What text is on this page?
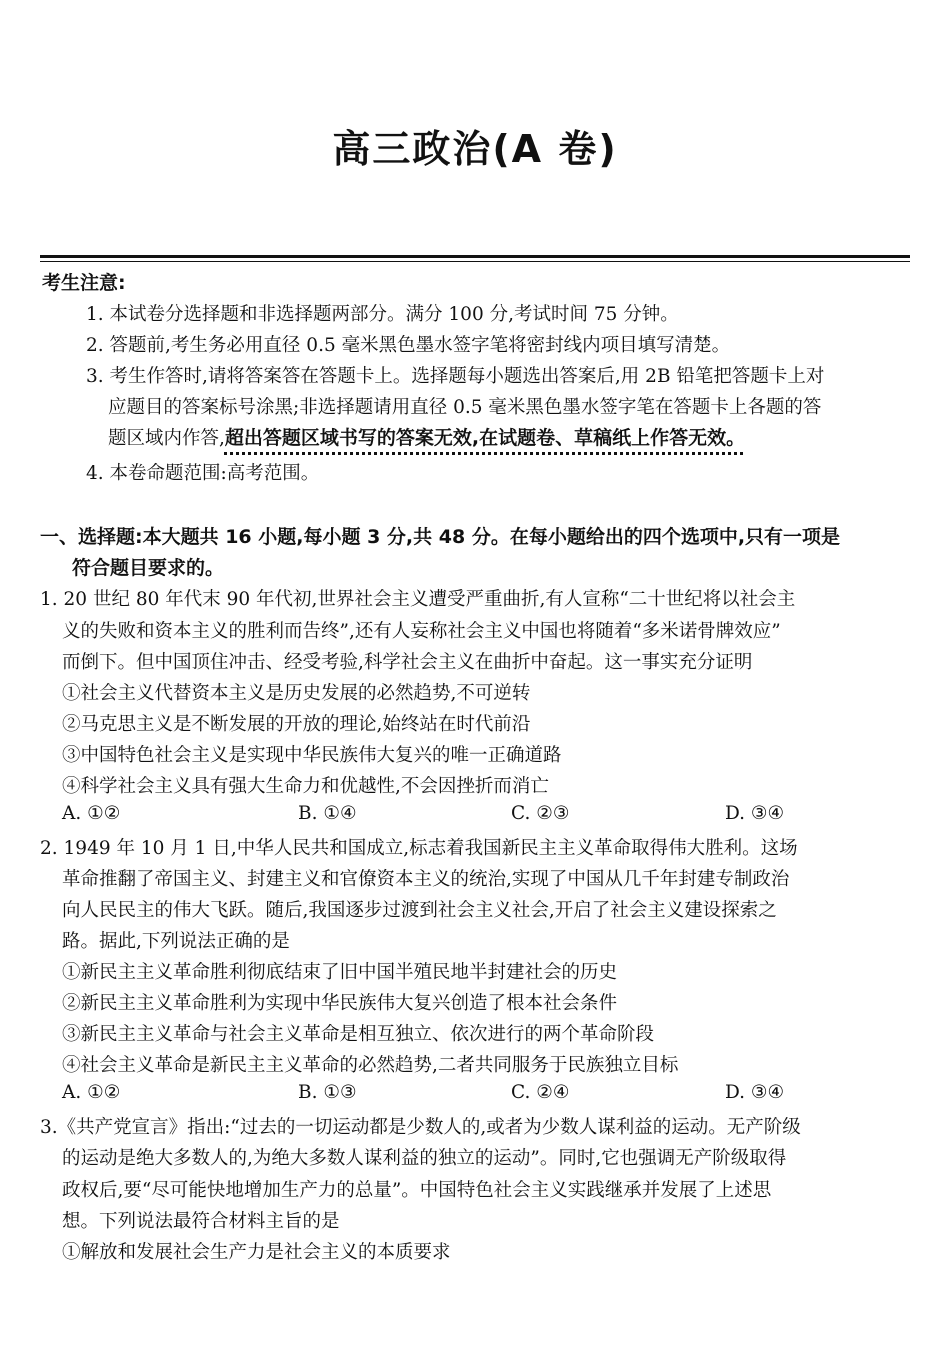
高三政治(A 卷)
考生注意:
1. 本试卷分选择题和非选择题两部分。满分 100 分,考试时间 75 分钟。
2. 答题前,考生务必用直径 0.5 毫米黑色墨水签字笔将密封线内项目填写清楚。
3. 考生作答时,请将答案答在答题卡上。选择题每小题选出答案后,用 2B 铅笔把答题卡上对
应题目的答案标号涂黑;非选择题请用直径 0.5 毫米黑色墨水签字笔在答题卡上各题的答
题区域内作答,超出答题区域书写的答案无效,在试题卷、草稿纸上作答无效。
4. 本卷命题范围:高考范围。
一、选择题:本大题共 16 小题,每小题 3 分,共 48 分。在每小题给出的四个选项中,只有一项是
符合题目要求的。
1. 20 世纪 80 年代末 90 年代初,世界社会主义遭受严重曲折,有人宣称“二十世纪将以社会主
义的失败和资本主义的胜利而告终”,还有人妄称社会主义中国也将随着“多米诺骨牌效应”
而倒下。但中国顶住冲击、经受考验,科学社会主义在曲折中奋起。这一事实充分证明
①社会主义代替资本主义是历史发展的必然趋势,不可逆转
②马克思主义是不断发展的开放的理论,始终站在时代前沿
③中国特色社会主义是实现中华民族伟大复兴的唯一正确道路
④科学社会主义具有强大生命力和优越性,不会因挫折而消亡
A. ①②	B. ①④	C. ②③	D. ③④
2. 1949 年 10 月 1 日,中华人民共和国成立,标志着我国新民主主义革命取得伟大胜利。这场
革命推翻了帝国主义、封建主义和官僚资本主义的统治,实现了中国从几千年封建专制政治
向人民民主的伟大飞跃。随后,我国逐步过渡到社会主义社会,开启了社会主义建设探索之
路。据此,下列说法正确的是
①新民主主义革命胜利彻底结束了旧中国半殖民地半封建社会的历史
②新民主主义革命胜利为实现中华民族伟大复兴创造了根本社会条件
③新民主主义革命与社会主义革命是相互独立、依次进行的两个革命阶段
④社会主义革命是新民主主义革命的必然趋势,二者共同服务于民族独立目标
A. ①②	B. ①③	C. ②④	D. ③④
3.《共产党宣言》指出:“过去的一切运动都是少数人的,或者为少数人谋利益的运动。无产阶级
的运动是绝大多数人的,为绝大多数人谋利益的独立的运动”。同时,它也强调无产阶级取得
政权后,要“尽可能快地增加生产力的总量”。中国特色社会主义实践继承并发展了上述思
想。下列说法最符合材料主旨的是
①解放和发展社会生产力是社会主义的本质要求
